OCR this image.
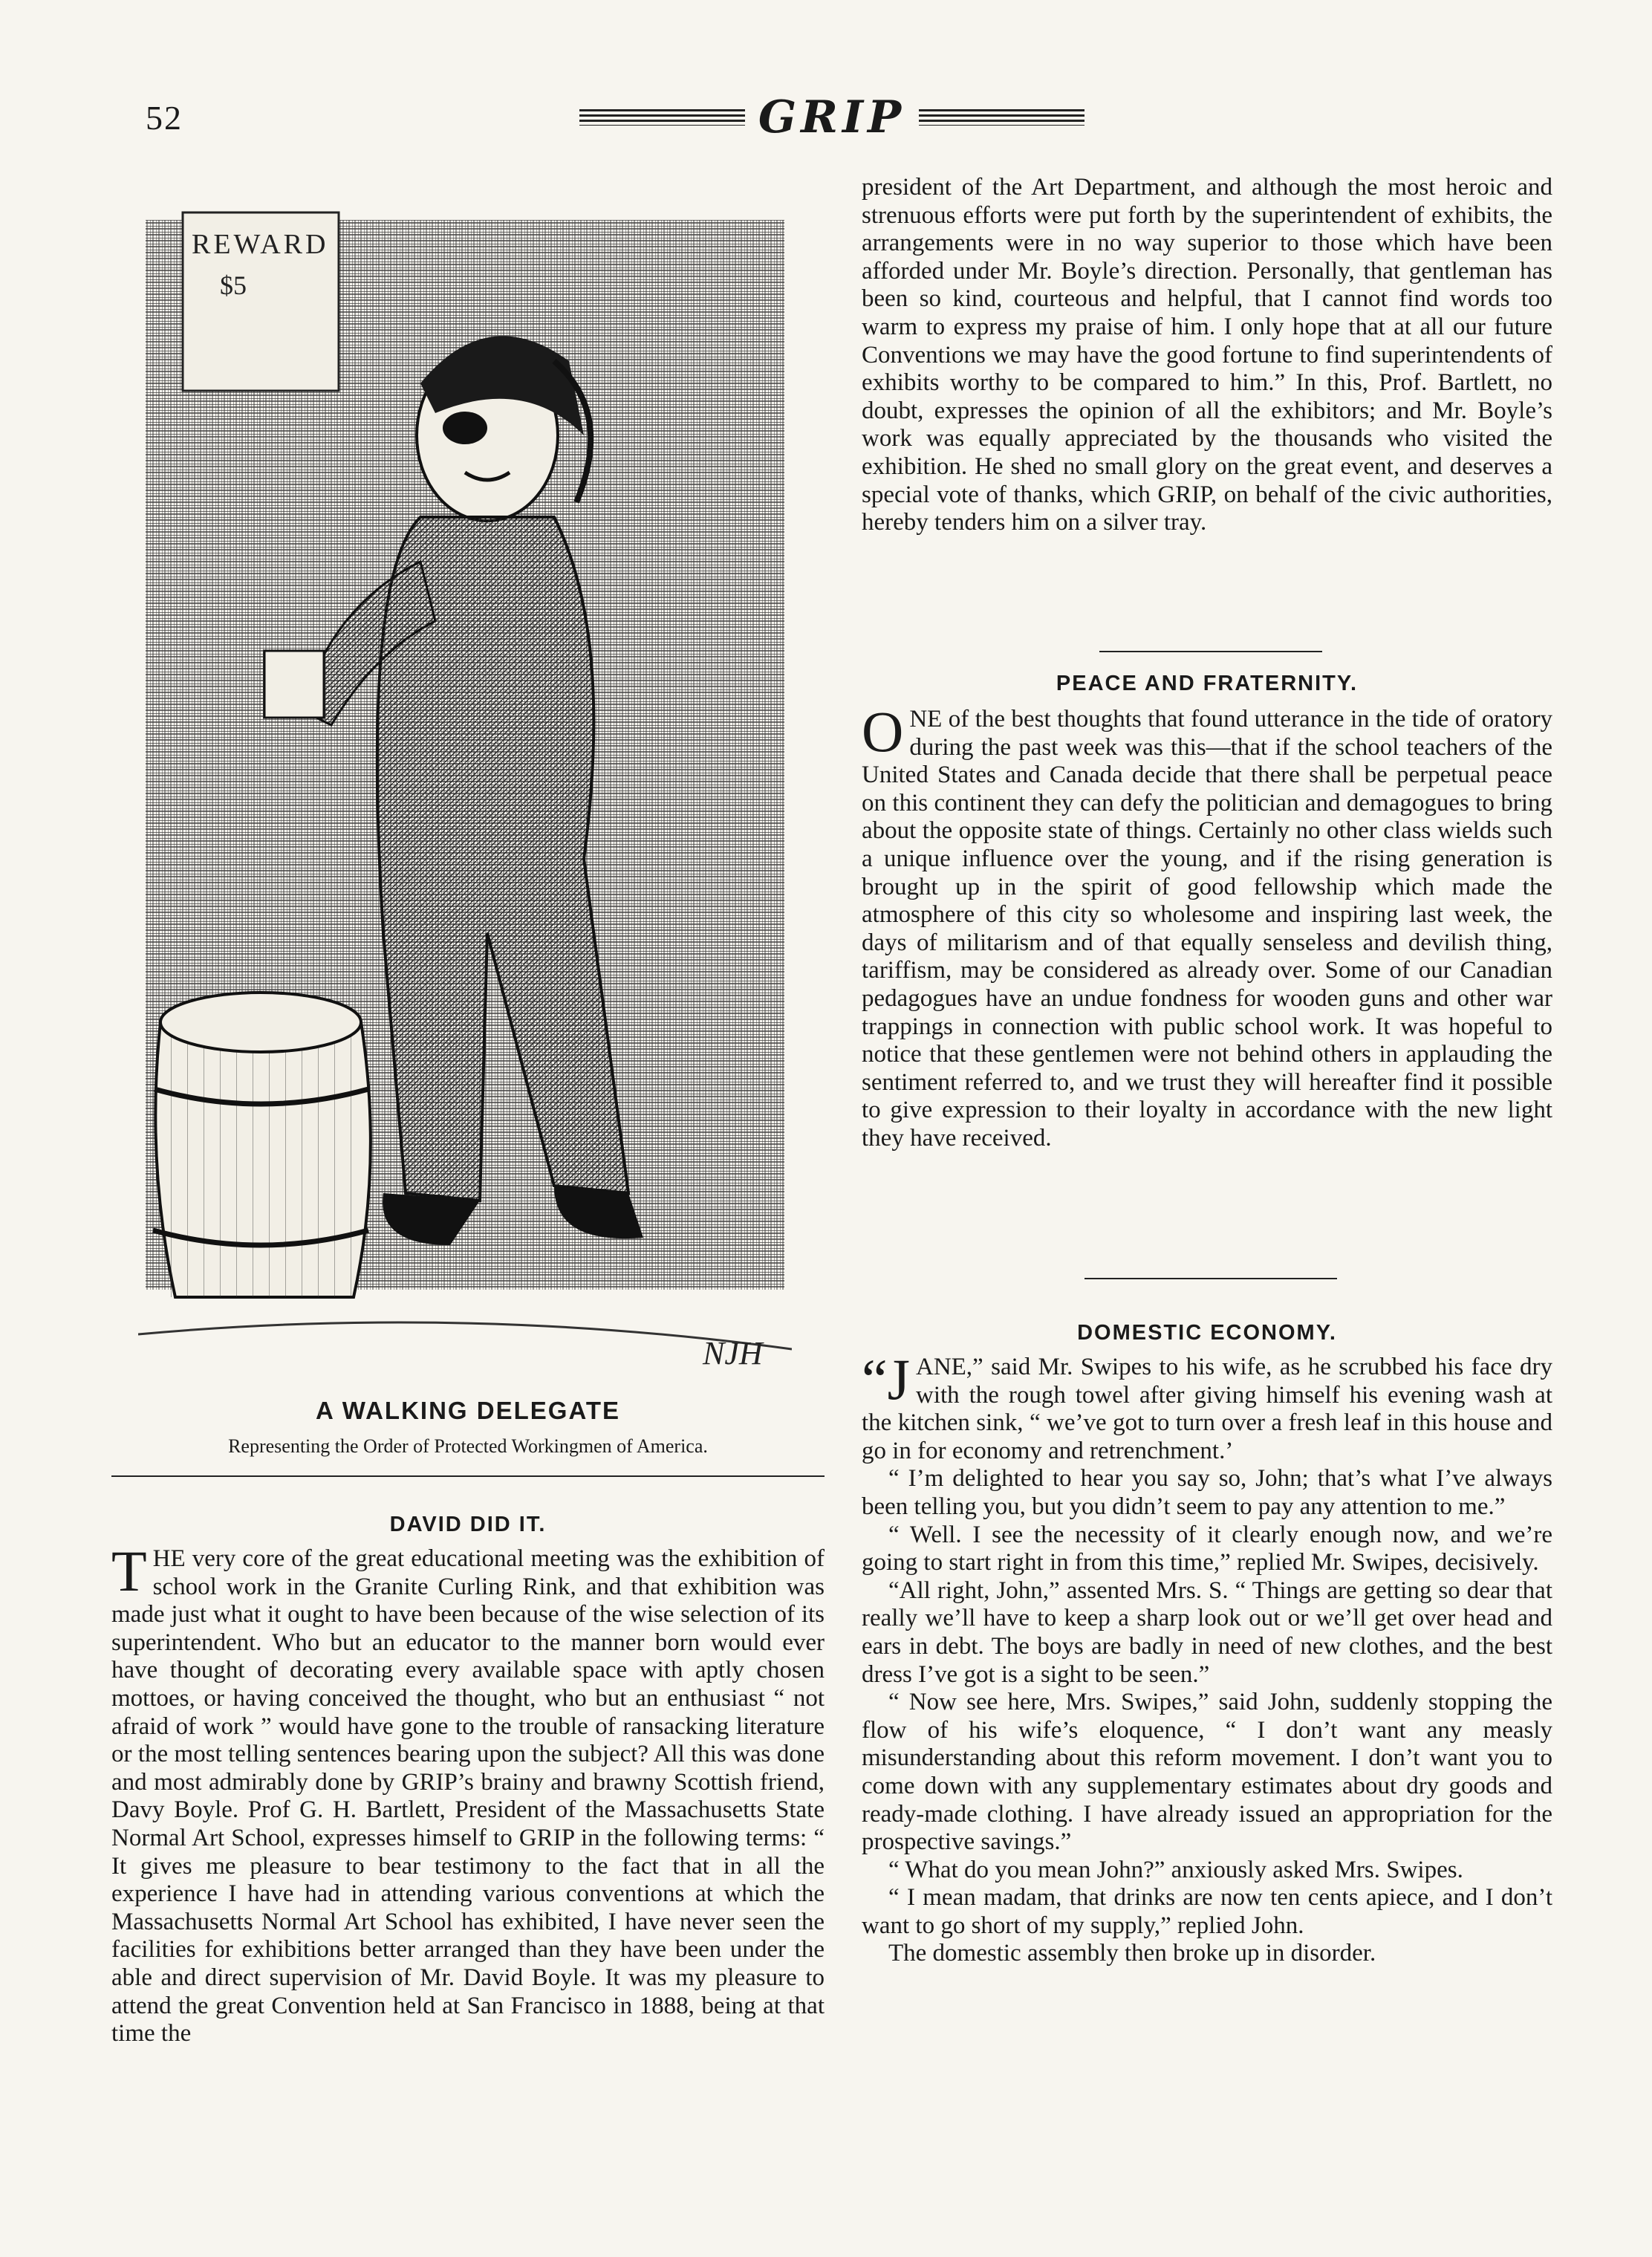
52	GRIP
REWARD
$5
NJH
A WALKING DELEGATE
Representing the Order of Protected Workingmen of America.
DAVID DID IT.

THE very core of the great educational meeting was the exhibition of school work in the Granite Curling Rink, and that exhibition was made just what it ought to have been because of the wise selection of its superintendent. Who but an educator to the manner born would ever have thought of decorating every available space with aptly chosen mottoes, or having conceived the thought, who but an enthusiast “ not afraid of work ” would have gone to the trouble of ransacking literature or the most telling sentences bearing upon the subject? All this was done and most admirably done by GRIP’s brainy and brawny Scottish friend, Davy Boyle. Prof G. H. Bartlett, President of the Massachusetts State Normal Art School, expresses himself to GRIP in the following terms: “ It gives me pleasure to bear testimony to the fact that in all the experience I have had in attending various conventions at which the Massachusetts Normal Art School has exhibited, I have never seen the facilities for exhibitions better arranged than they have been under the able and direct supervision of Mr. David Boyle. It was my pleasure to attend the great Convention held at San Francisco in 1888, being at that time the

president of the Art Department, and although the most heroic and strenuous efforts were put forth by the superintendent of exhibits, the arrangements were in no way superior to those which have been afforded under Mr. Boyle’s direction. Personally, that gentleman has been so kind, courteous and helpful, that I cannot find words too warm to express my praise of him. I only hope that at all our future Conventions we may have the good fortune to find superintendents of exhibits worthy to be compared to him.” In this, Prof. Bartlett, no doubt, expresses the opinion of all the exhibitors; and Mr. Boyle’s work was equally appreciated by the thousands who visited the exhibition. He shed no small glory on the great event, and deserves a special vote of thanks, which GRIP, on behalf of the civic authorities, hereby tenders him on a silver tray.

PEACE AND FRATERNITY.

ONE of the best thoughts that found utterance in the tide of oratory during the past week was this—that if the school teachers of the United States and Canada decide that there shall be perpetual peace on this continent they can defy the politician and demagogues to bring about the opposite state of things. Certainly no other class wields such a unique influence over the young, and if the rising generation is brought up in the spirit of good fellowship which made the atmosphere of this city so wholesome and inspiring last week, the days of militarism and of that equally senseless and devilish thing, tariffism, may be considered as already over. Some of our Canadian pedagogues have an undue fondness for wooden guns and other war trappings in connection with public school work. It was hopeful to notice that these gentlemen were not behind others in applauding the sentiment referred to, and we trust they will hereafter find it possible to give expression to their loyalty in accordance with the new light they have received.

DOMESTIC ECONOMY.

“JANE,” said Mr. Swipes to his wife, as he scrubbed his face dry with the rough towel after giving himself his evening wash at the kitchen sink, “ we’ve got to turn over a fresh leaf in this house and go in for economy and retrenchment.’

“ I’m delighted to hear you say so, John; that’s what I’ve always been telling you, but you didn’t seem to pay any attention to me.”

“ Well. I see the necessity of it clearly enough now, and we’re going to start right in from this time,” replied Mr. Swipes, decisively.

“All right, John,” assented Mrs. S. “ Things are getting so dear that really we’ll have to keep a sharp look out or we’ll get over head and ears in debt. The boys are badly in need of new clothes, and the best dress I’ve got is a sight to be seen.”

“ Now see here, Mrs. Swipes,” said John, suddenly stopping the flow of his wife’s eloquence, “ I don’t want any measly misunderstanding about this reform movement. I don’t want you to come down with any supplementary estimates about dry goods and ready-made clothing. I have already issued an appropriation for the prospective savings.”

“ What do you mean John?” anxiously asked Mrs. Swipes.

“ I mean madam, that drinks are now ten cents apiece, and I don’t want to go short of my supply,” replied John.

The domestic assembly then broke up in disorder.
